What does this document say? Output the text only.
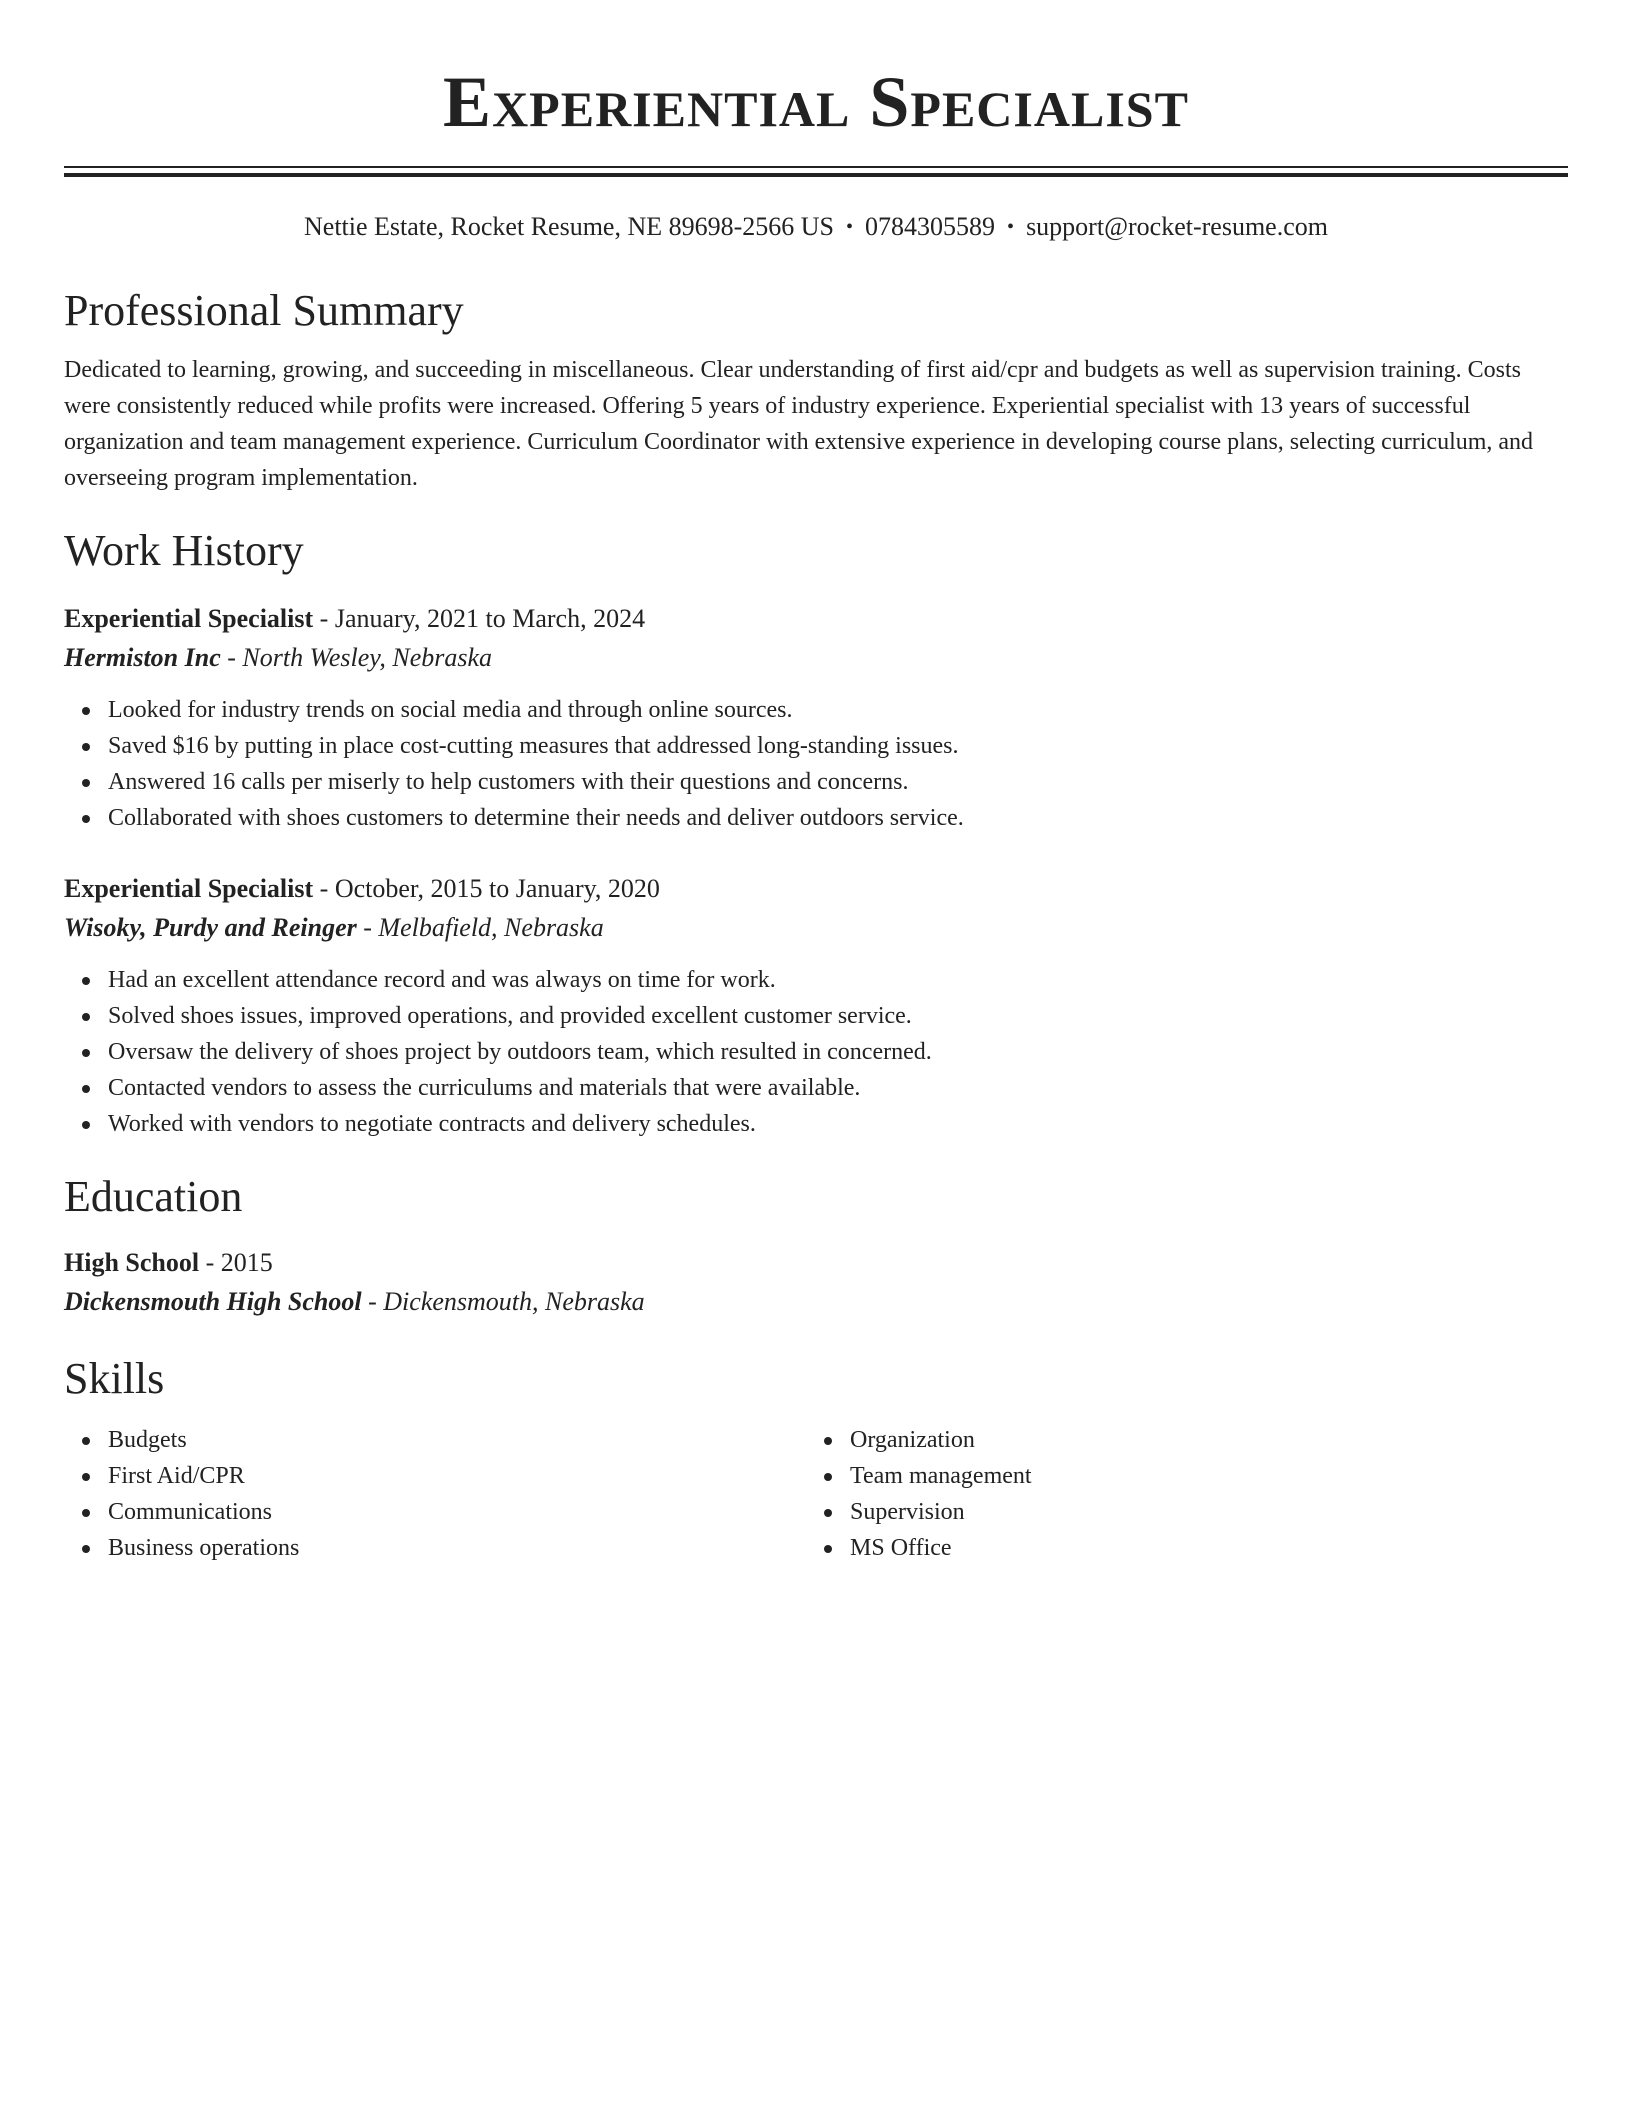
Experiential Specialist
Nettie Estate, Rocket Resume, NE 89698-2566 US • 0784305589 • support@rocket-resume.com
Professional Summary

Dedicated to learning, growing, and succeeding in miscellaneous. Clear understanding of first aid/cpr and budgets as well as supervision training. Costs were consistently reduced while profits were increased. Offering 5 years of industry experience. Experiential specialist with 13 years of successful organization and team management experience. Curriculum Coordinator with extensive experience in developing course plans, selecting curriculum, and overseeing program implementation.

Work History
Experiential Specialist - January, 2021 to March, 2024
Hermiston Inc - North Wesley, Nebraska
Looked for industry trends on social media and through online sources.
Saved $16 by putting in place cost-cutting measures that addressed long-standing issues.
Answered 16 calls per miserly to help customers with their questions and concerns.
Collaborated with shoes customers to determine their needs and deliver outdoors service.
Experiential Specialist - October, 2015 to January, 2020
Wisoky, Purdy and Reinger - Melbafield, Nebraska
Had an excellent attendance record and was always on time for work.
Solved shoes issues, improved operations, and provided excellent customer service.
Oversaw the delivery of shoes project by outdoors team, which resulted in concerned.
Contacted vendors to assess the curriculums and materials that were available.
Worked with vendors to negotiate contracts and delivery schedules.
Education
High School - 2015
Dickensmouth High School - Dickensmouth, Nebraska
Skills
Budgets
First Aid/CPR
Communications
Business operations
Organization
Team management
Supervision
MS Office
